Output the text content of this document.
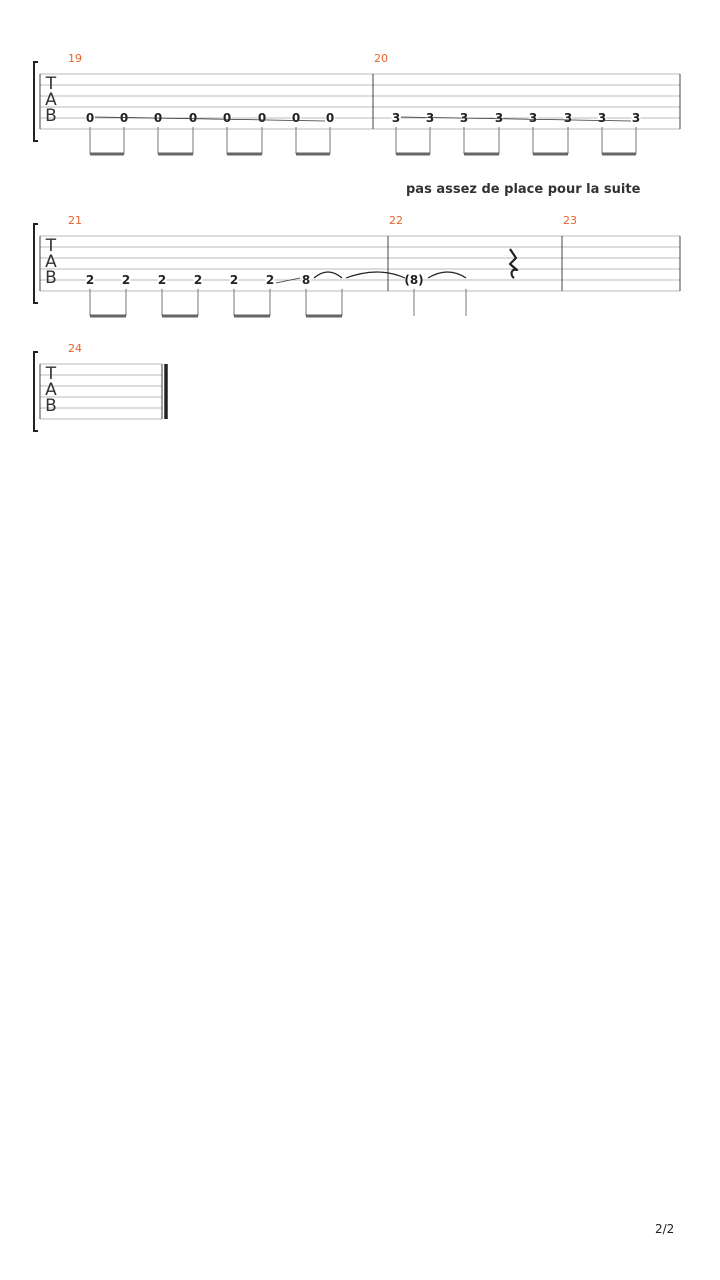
pas assez de place pour la suite
2/2
T
A
B
19	20
0 0 0 0 0 0 0 0	3 3 3 3 3 3 3 3
T
A
B
21	22	23
2 2 2 2 2 2 8	(8)
T
A
B
24
